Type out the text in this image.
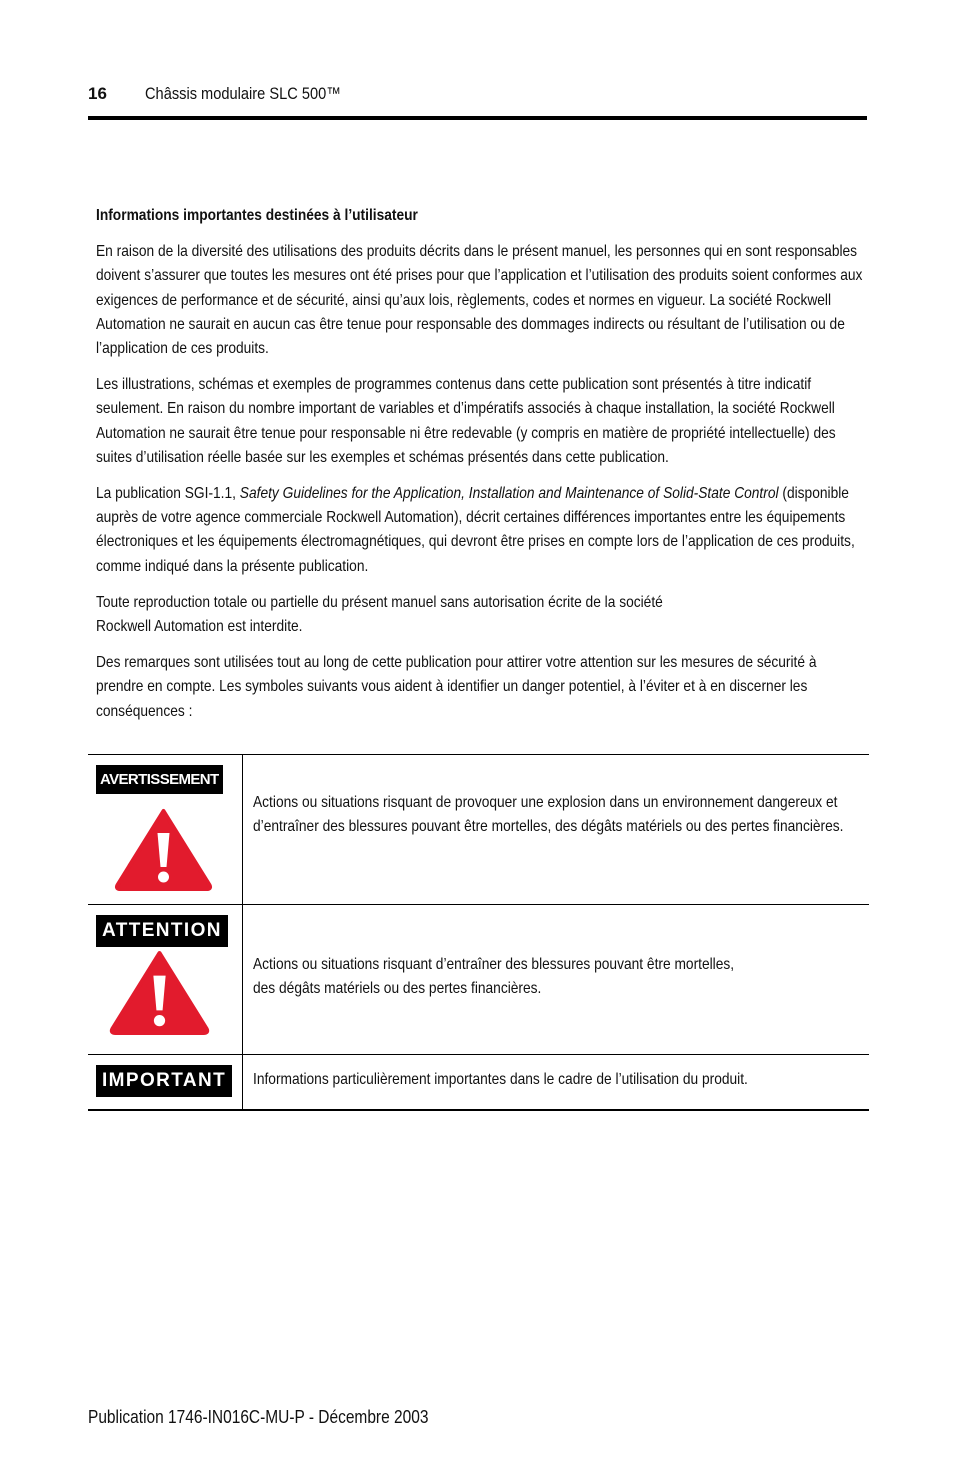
16 Châssis modulaire SLC 500™

Informations importantes destinées à l’utilisateur

En raison de la diversité des utilisations des produits décrits dans le présent manuel, les personnes qui en sont responsables doivent s’assurer que toutes les mesures ont été prises pour que l’application et l’utilisation des produits soient conformes aux exigences de performance et de sécurité, ainsi qu’aux lois, règlements, codes et normes en vigueur. La société Rockwell Automation ne saurait en aucun cas être tenue pour responsable des dommages indirects ou résultant de l’utilisation ou de l’application de ces produits.

Les illustrations, schémas et exemples de programmes contenus dans cette publication sont présentés à titre indicatif seulement. En raison du nombre important de variables et d’impératifs associés à chaque installation, la société Rockwell Automation ne saurait être tenue pour responsable ni être redevable (y compris en matière de propriété intellectuelle) des suites d’utilisation réelle basée sur les exemples et schémas présentés dans cette publication.

La publication SGI-1.1, Safety Guidelines for the Application, Installation and Maintenance of Solid-State Control (disponible auprès de votre agence commerciale Rockwell Automation), décrit certaines différences importantes entre les équipements électroniques et les équipements électromagnétiques, qui devront être prises en compte lors de l’application de ces produits, comme indiqué dans la présente publication.

Toute reproduction totale ou partielle du présent manuel sans autorisation écrite de la société
Rockwell Automation est interdite.

Des remarques sont utilisées tout au long de cette publication pour attirer votre attention sur les mesures de sécurité à prendre en compte. Les symboles suivants vous aident à identifier un danger potentiel, à l’éviter et à en discerner les conséquences :

AVERTISSEMENT
Actions ou situations risquant de provoquer une explosion dans un environnement dangereux et d’entraîner des blessures pouvant être mortelles, des dégâts matériels ou des pertes financières.
ATTENTION
Actions ou situations risquant d’entraîner des blessures pouvant être mortelles,
des dégâts matériels ou des pertes financières.
IMPORTANT	Informations particulièrement importantes dans le cadre de l’utilisation du produit.
Publication 1746-IN016C-MU-P - Décembre 2003
